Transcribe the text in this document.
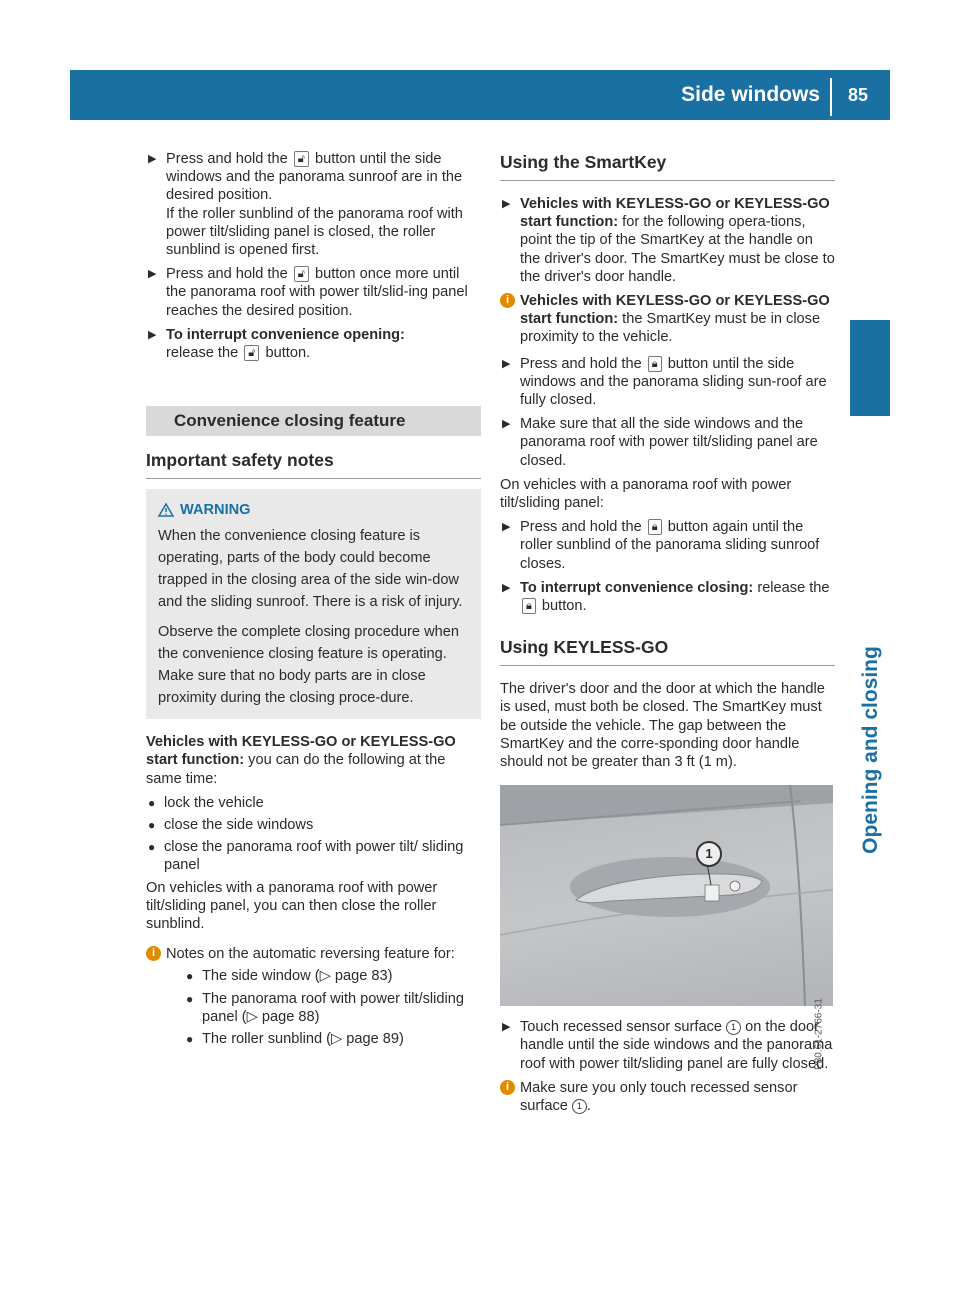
Side windows 85
Opening and closing
▶ Press and hold the 🔓︎ button until the side windows and the panorama sunroof are in the desired position.
If the roller sunblind of the panorama roof with power tilt/sliding panel is closed, the roller sunblind is opened first.
▶ Press and hold the 🔓︎ button once more until the panorama roof with power tilt/slid-ing panel reaches the desired position.
▶ To interrupt convenience opening:
release the 🔓︎ button.
Convenience closing feature
Important safety notes
WARNING
When the convenience closing feature is operating, parts of the body could become trapped in the closing area of the side win-dow and the sliding sunroof. There is a risk of injury.
Observe the complete closing procedure when the convenience closing feature is operating. Make sure that no body parts are in close proximity during the closing proce-dure.
Vehicles with KEYLESS-GO or KEYLESS-GO start function: you can do the following at the same time:
● lock the vehicle
● close the side windows
● close the panorama roof with power tilt/ sliding panel
On vehicles with a panorama roof with power tilt/sliding panel, you can then close the roller sunblind.
i Notes on the automatic reversing feature for:
● The side window (▷ page 83)
● The panorama roof with power tilt/sliding panel (▷ page 88)
● The roller sunblind (▷ page 89)
Using the SmartKey
▶ Vehicles with KEYLESS-GO or KEYLESS-GO start function: for the following opera-tions, point the tip of the SmartKey at the handle on the driver's door. The SmartKey must be close to the driver's door handle.
i Vehicles with KEYLESS-GO or KEYLESS-GO start function: the SmartKey must be in close proximity to the vehicle.
▶ Press and hold the 🔒︎ button until the side windows and the panorama sliding sun-roof are fully closed.
▶ Make sure that all the side windows and the panorama roof with power tilt/sliding panel are closed.
On vehicles with a panorama roof with power tilt/sliding panel:
▶ Press and hold the 🔒︎ button again until the roller sunblind of the panorama sliding sunroof closes.
▶ To interrupt convenience closing: release the 🔒︎ button.
Using KEYLESS-GO
The driver's door and the door at which the handle is used, must both be closed. The SmartKey must be outside the vehicle. The gap between the SmartKey and the corre-sponding door handle should not be greater than 3 ft (1 m).
1
P80.61-2766-31
▶ Touch recessed sensor surface 1 on the door handle until the side windows and the panorama roof with power tilt/sliding panel are fully closed.
i Make sure you only touch recessed sensor surface 1 .
